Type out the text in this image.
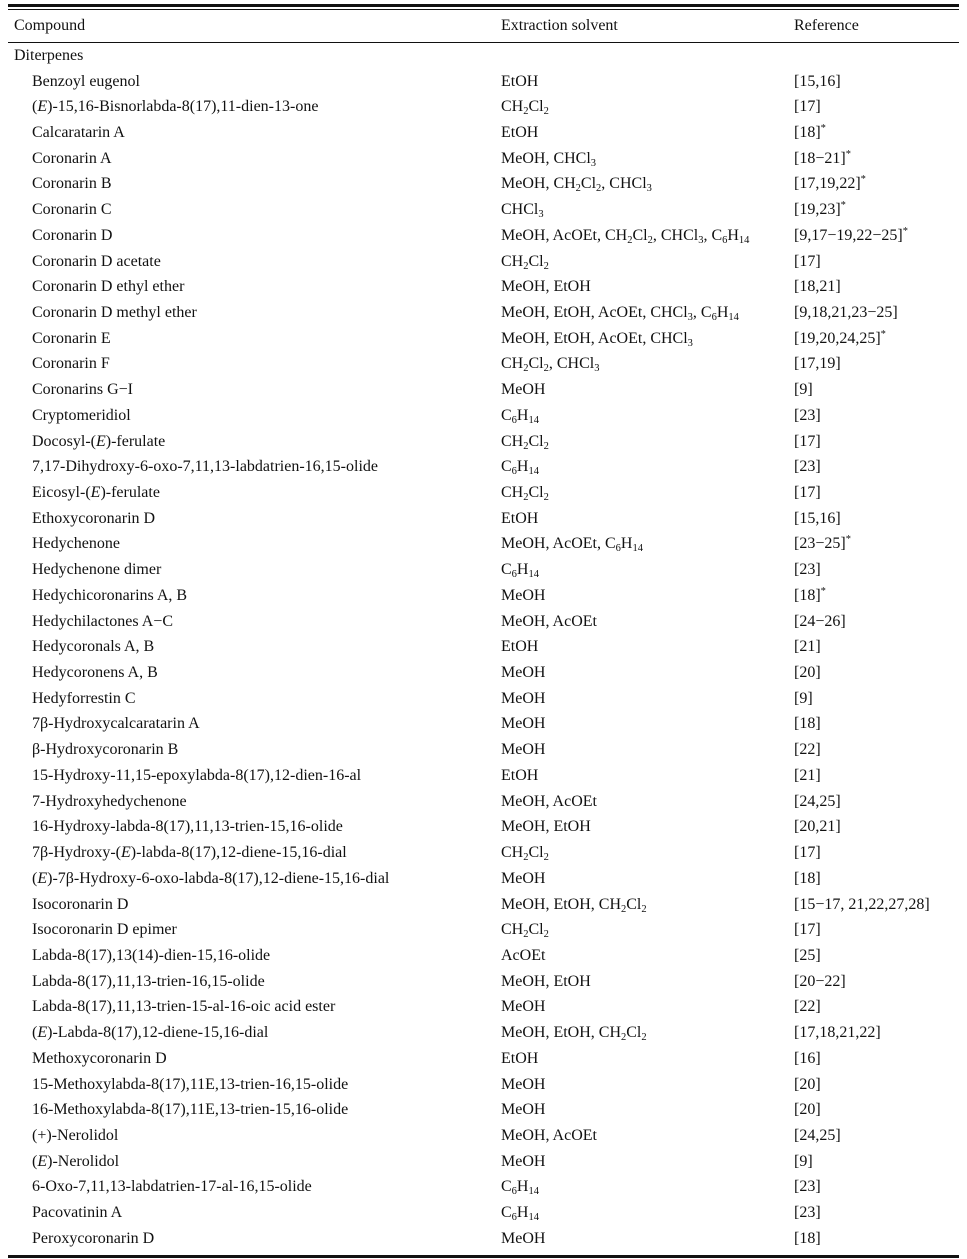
Compound	Extraction solvent	Reference
Diterpenes
Benzoyl eugenol	EtOH	[15,16]
(E)-15,16-Bisnorlabda-8(17),11-dien-13-one	$CH_2Cl_2$	[17]
Calcaratarin A	EtOH	[18]*
Coronarin A	MeOH, CHCl$_3$	[18−21]*
Coronarin B	MeOH, $CH_2Cl_2$, CHCl$_3$	[17,19,22]*
Coronarin C	CHCl$_3$	[19,23]*
Coronarin D	MeOH, AcOEt, $CH_2Cl_2$, CHCl$_3$, $C_6H_{14}$	[9,17−19,22−25]*
Coronarin D acetate	$CH_2Cl_2$	[17]
Coronarin D ethyl ether	MeOH, EtOH	[18,21]
Coronarin D methyl ether	MeOH, EtOH, AcOEt, CHCl$_3$, $C_6H_{14}$	[9,18,21,23−25]
Coronarin E	MeOH, EtOH, AcOEt, CHCl$_3$	[19,20,24,25]*
Coronarin F	$CH_2Cl_2$, CHCl$_3$	[17,19]
Coronarins G−I	MeOH	[9]
Cryptomeridiol	$C_6H_{14}$	[23]
Docosyl-(E)-ferulate	$CH_2Cl_2$	[17]
7,17-Dihydroxy-6-oxo-7,11,13-labdatrien-16,15-olide	$C_6H_{14}$	[23]
Eicosyl-(E)-ferulate	$CH_2Cl_2$	[17]
Ethoxycoronarin D	EtOH	[15,16]
Hedychenone	MeOH, AcOEt, $C_6H_{14}$	[23−25]*
Hedychenone dimer	$C_6H_{14}$	[23]
Hedychicoronarins A, B	MeOH	[18]*
Hedychilactones A−C	MeOH, AcOEt	[24−26]
Hedycoronals A, B	EtOH	[21]
Hedycoronens A, B	MeOH	[20]
Hedyforrestin C	MeOH	[9]
7β-Hydroxycalcaratarin A	MeOH	[18]
β-Hydroxycoronarin B	MeOH	[22]
15-Hydroxy-11,15-epoxylabda-8(17),12-dien-16-al	EtOH	[21]
7-Hydroxyhedychenone	MeOH, AcOEt	[24,25]
16-Hydroxy-labda-8(17),11,13-trien-15,16-olide	MeOH, EtOH	[20,21]
7β-Hydroxy-(E)-labda-8(17),12-diene-15,16-dial	$CH_2Cl_2$	[17]
(E)-7β-Hydroxy-6-oxo-labda-8(17),12-diene-15,16-dial	MeOH	[18]
Isocoronarin D	MeOH, EtOH, $CH_2Cl_2$	[15−17, 21,22,27,28]
Isocoronarin D epimer	$CH_2Cl_2$	[17]
Labda-8(17),13(14)-dien-15,16-olide	AcOEt	[25]
Labda-8(17),11,13-trien-16,15-olide	MeOH, EtOH	[20−22]
Labda-8(17),11,13-trien-15-al-16-oic acid ester	MeOH	[22]
(E)-Labda-8(17),12-diene-15,16-dial	MeOH, EtOH, $CH_2Cl_2$	[17,18,21,22]
Methoxycoronarin D	EtOH	[16]
15-Methoxylabda-8(17),11E,13-trien-16,15-olide	MeOH	[20]
16-Methoxylabda-8(17),11E,13-trien-15,16-olide	MeOH	[20]
(+)-Nerolidol	MeOH, AcOEt	[24,25]
(E)-Nerolidol	MeOH	[9]
6-Oxo-7,11,13-labdatrien-17-al-16,15-olide	$C_6H_{14}$	[23]
Pacovatinin A	$C_6H_{14}$	[23]
Peroxycoronarin D	MeOH	[18]
